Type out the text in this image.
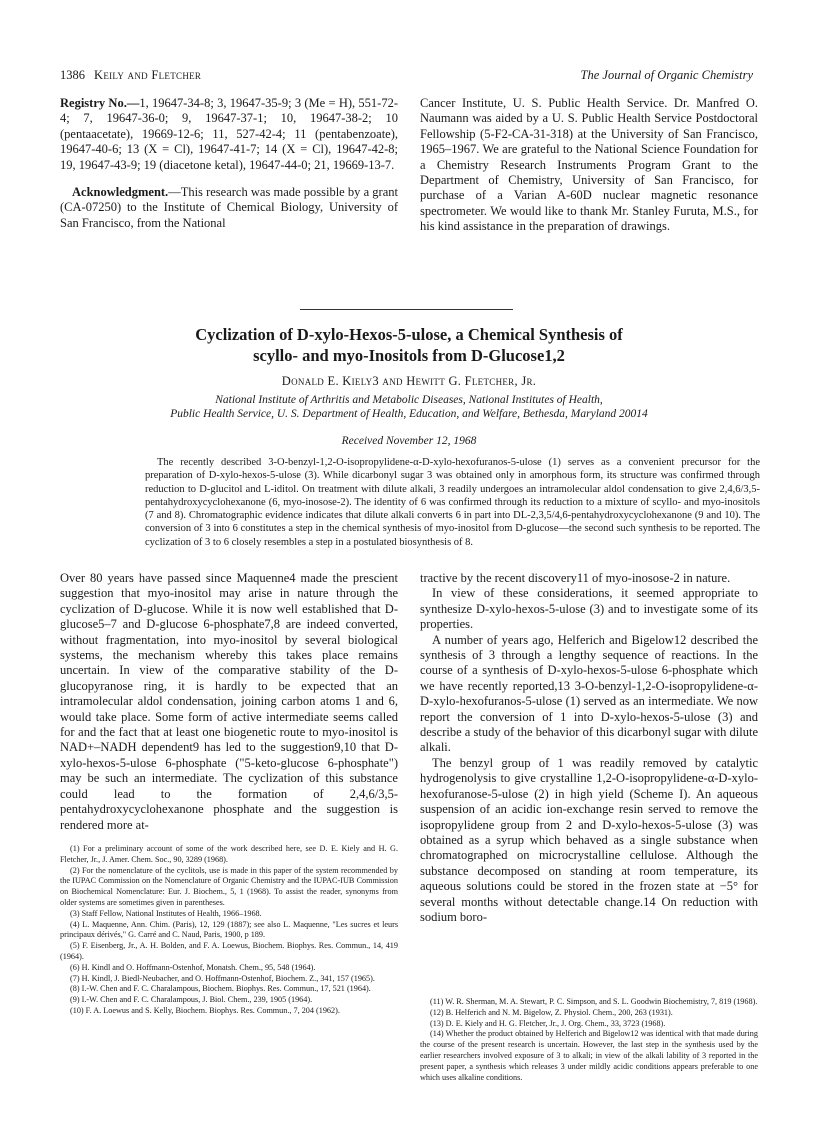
1386 Keily and Fletcher	The Journal of Organic Chemistry

Registry No.—1, 19647-34-8; 3, 19647-35-9; 3 (Me = H), 551-72-4; 7, 19647-36-0; 9, 19647-37-1; 10, 19647-38-2; 10 (pentaacetate), 19669-12-6; 11, 527-42-4; 11 (pentabenzoate), 19647-40-6; 13 (X = Cl), 19647-41-7; 14 (X = Cl), 19647-42-8; 19, 19647-43-9; 19 (diacetone ketal), 19647-44-0; 21, 19669-13-7.

Acknowledgment.—This research was made possible by a grant (CA-07250) to the Institute of Chemical Biology, University of San Francisco, from the National

Cancer Institute, U. S. Public Health Service. Dr. Manfred O. Naumann was aided by a U. S. Public Health Service Postdoctoral Fellowship (5-F2-CA-31-318) at the University of San Francisco, 1965–1967. We are grateful to the National Science Foundation for a Chemistry Research Instruments Program Grant to the Department of Chemistry, University of San Francisco, for purchase of a Varian A-60D nuclear magnetic resonance spectrometer. We would like to thank Mr. Stanley Furuta, M.S., for his kind assistance in the preparation of drawings.

Cyclization of D-xylo-Hexos-5-ulose, a Chemical Synthesis of
scyllo- and myo-Inositols from D-Glucose1,2
Donald E. Kiely3 and Hewitt G. Fletcher, Jr.
National Institute of Arthritis and Metabolic Diseases, National Institutes of Health,
Public Health Service, U. S. Department of Health, Education, and Welfare, Bethesda, Maryland 20014
Received November 12, 1968

The recently described 3-O-benzyl-1,2-O-isopropylidene-α-D-xylo-hexofuranos-5-ulose (1) serves as a convenient precursor for the preparation of D-xylo-hexos-5-ulose (3). While dicarbonyl sugar 3 was obtained only in amorphous form, its structure was confirmed through reduction to D-glucitol and L-iditol. On treatment with dilute alkali, 3 readily undergoes an intramolecular aldol condensation to give 2,4,6/3,5-pentahydroxycyclohexanone (6, myo-inosose-2). The identity of 6 was confirmed through its reduction to a mixture of scyllo- and myo-inositols (7 and 8). Chromatographic evidence indicates that dilute alkali converts 6 in part into DL-2,3,5/4,6-pentahydroxycyclohexanone (9 and 10). The conversion of 3 into 6 constitutes a step in the chemical synthesis of myo-inositol from D-glucose—the second such synthesis to be reported. The cyclization of 3 to 6 closely resembles a step in a postulated biosynthesis of 8.

Over 80 years have passed since Maquenne4 made the prescient suggestion that myo-inositol may arise in nature through the cyclization of D-glucose. While it is now well established that D-glucose5–7 and D-glucose 6-phosphate7,8 are indeed converted, without fragmentation, into myo-inositol by several biological systems, the mechanism whereby this takes place remains uncertain. In view of the comparative stability of the D-glucopyranose ring, it is hardly to be expected that an intramolecular aldol condensation, joining carbon atoms 1 and 6, would take place. Some form of active intermediate seems called for and the fact that at least one biogenetic route to myo-inositol is NAD+–NADH dependent9 has led to the suggestion9,10 that D-xylo-hexos-5-ulose 6-phosphate ("5-keto-glucose 6-phosphate") may be such an intermediate. The cyclization of this substance could lead to the formation of 2,4,6/3,5-pentahydroxycyclohexanone phosphate and the suggestion is rendered more at-

tractive by the recent discovery11 of myo-inosose-2 in nature.

In view of these considerations, it seemed appropriate to synthesize D-xylo-hexos-5-ulose (3) and to investigate some of its properties.

A number of years ago, Helferich and Bigelow12 described the synthesis of 3 through a lengthy sequence of reactions. In the course of a synthesis of D-xylo-hexos-5-ulose 6-phosphate which we have recently reported,13 3-O-benzyl-1,2-O-isopropylidene-α-D-xylo-hexofuranos-5-ulose (1) served as an intermediate. We now report the conversion of 1 into D-xylo-hexos-5-ulose (3) and describe a study of the behavior of this dicarbonyl sugar with dilute alkali.

The benzyl group of 1 was readily removed by catalytic hydrogenolysis to give crystalline 1,2-O-isopropylidene-α-D-xylo-hexofuranose-5-ulose (2) in high yield (Scheme I). An aqueous suspension of an acidic ion-exchange resin served to remove the isopropylidene group from 2 and D-xylo-hexos-5-ulose (3) was obtained as a syrup which behaved as a single substance when chromatographed on microcrystalline cellulose. Although the substance decomposed on standing at room temperature, its aqueous solutions could be stored in the frozen state at −5° for several months without detectable change.14 On reduction with sodium boro-

(1) For a preliminary account of some of the work described here, see D. E. Kiely and H. G. Fletcher, Jr., J. Amer. Chem. Soc., 90, 3289 (1968).

(2) For the nomenclature of the cyclitols, use is made in this paper of the system recommended by the IUPAC Commission on the Nomenclature of Organic Chemistry and the IUPAC-IUB Commission on Biochemical Nomenclature: Eur. J. Biochem., 5, 1 (1968). To assist the reader, synonyms from older systems are sometimes given in parentheses.

(3) Staff Fellow, National Institutes of Health, 1966–1968.

(4) L. Maquenne, Ann. Chim. (Paris), 12, 129 (1887); see also L. Maquenne, "Les sucres et leurs principaux dérivés," G. Carré and C. Naud, Paris, 1900, p 189.

(5) F. Eisenberg, Jr., A. H. Bolden, and F. A. Loewus, Biochem. Biophys. Res. Commun., 14, 419 (1964).

(6) H. Kindl and O. Hoffmann-Ostenhof, Monatsh. Chem., 95, 548 (1964).

(7) H. Kindl, J. Biedl-Neubacher, and O. Hoffmann-Ostenhof, Biochem. Z., 341, 157 (1965).

(8) I.-W. Chen and F. C. Charalampous, Biochem. Biophys. Res. Commun., 17, 521 (1964).

(9) I.-W. Chen and F. C. Charalampous, J. Biol. Chem., 239, 1905 (1964).

(10) F. A. Loewus and S. Kelly, Biochem. Biophys. Res. Commun., 7, 204 (1962).

(11) W. R. Sherman, M. A. Stewart, P. C. Simpson, and S. L. Goodwin Biochemistry, 7, 819 (1968).

(12) B. Helferich and N. M. Bigelow, Z. Physiol. Chem., 200, 263 (1931).

(13) D. E. Kiely and H. G. Fletcher, Jr., J. Org. Chem., 33, 3723 (1968).

(14) Whether the product obtained by Helferich and Bigelow12 was identical with that made during the course of the present research is uncertain. However, the last step in the synthesis used by the earlier researchers involved exposure of 3 to alkali; in view of the alkali lability of 3 reported in the present paper, a synthesis which releases 3 under mildly acidic conditions appears preferable to one which uses alkaline conditions.
